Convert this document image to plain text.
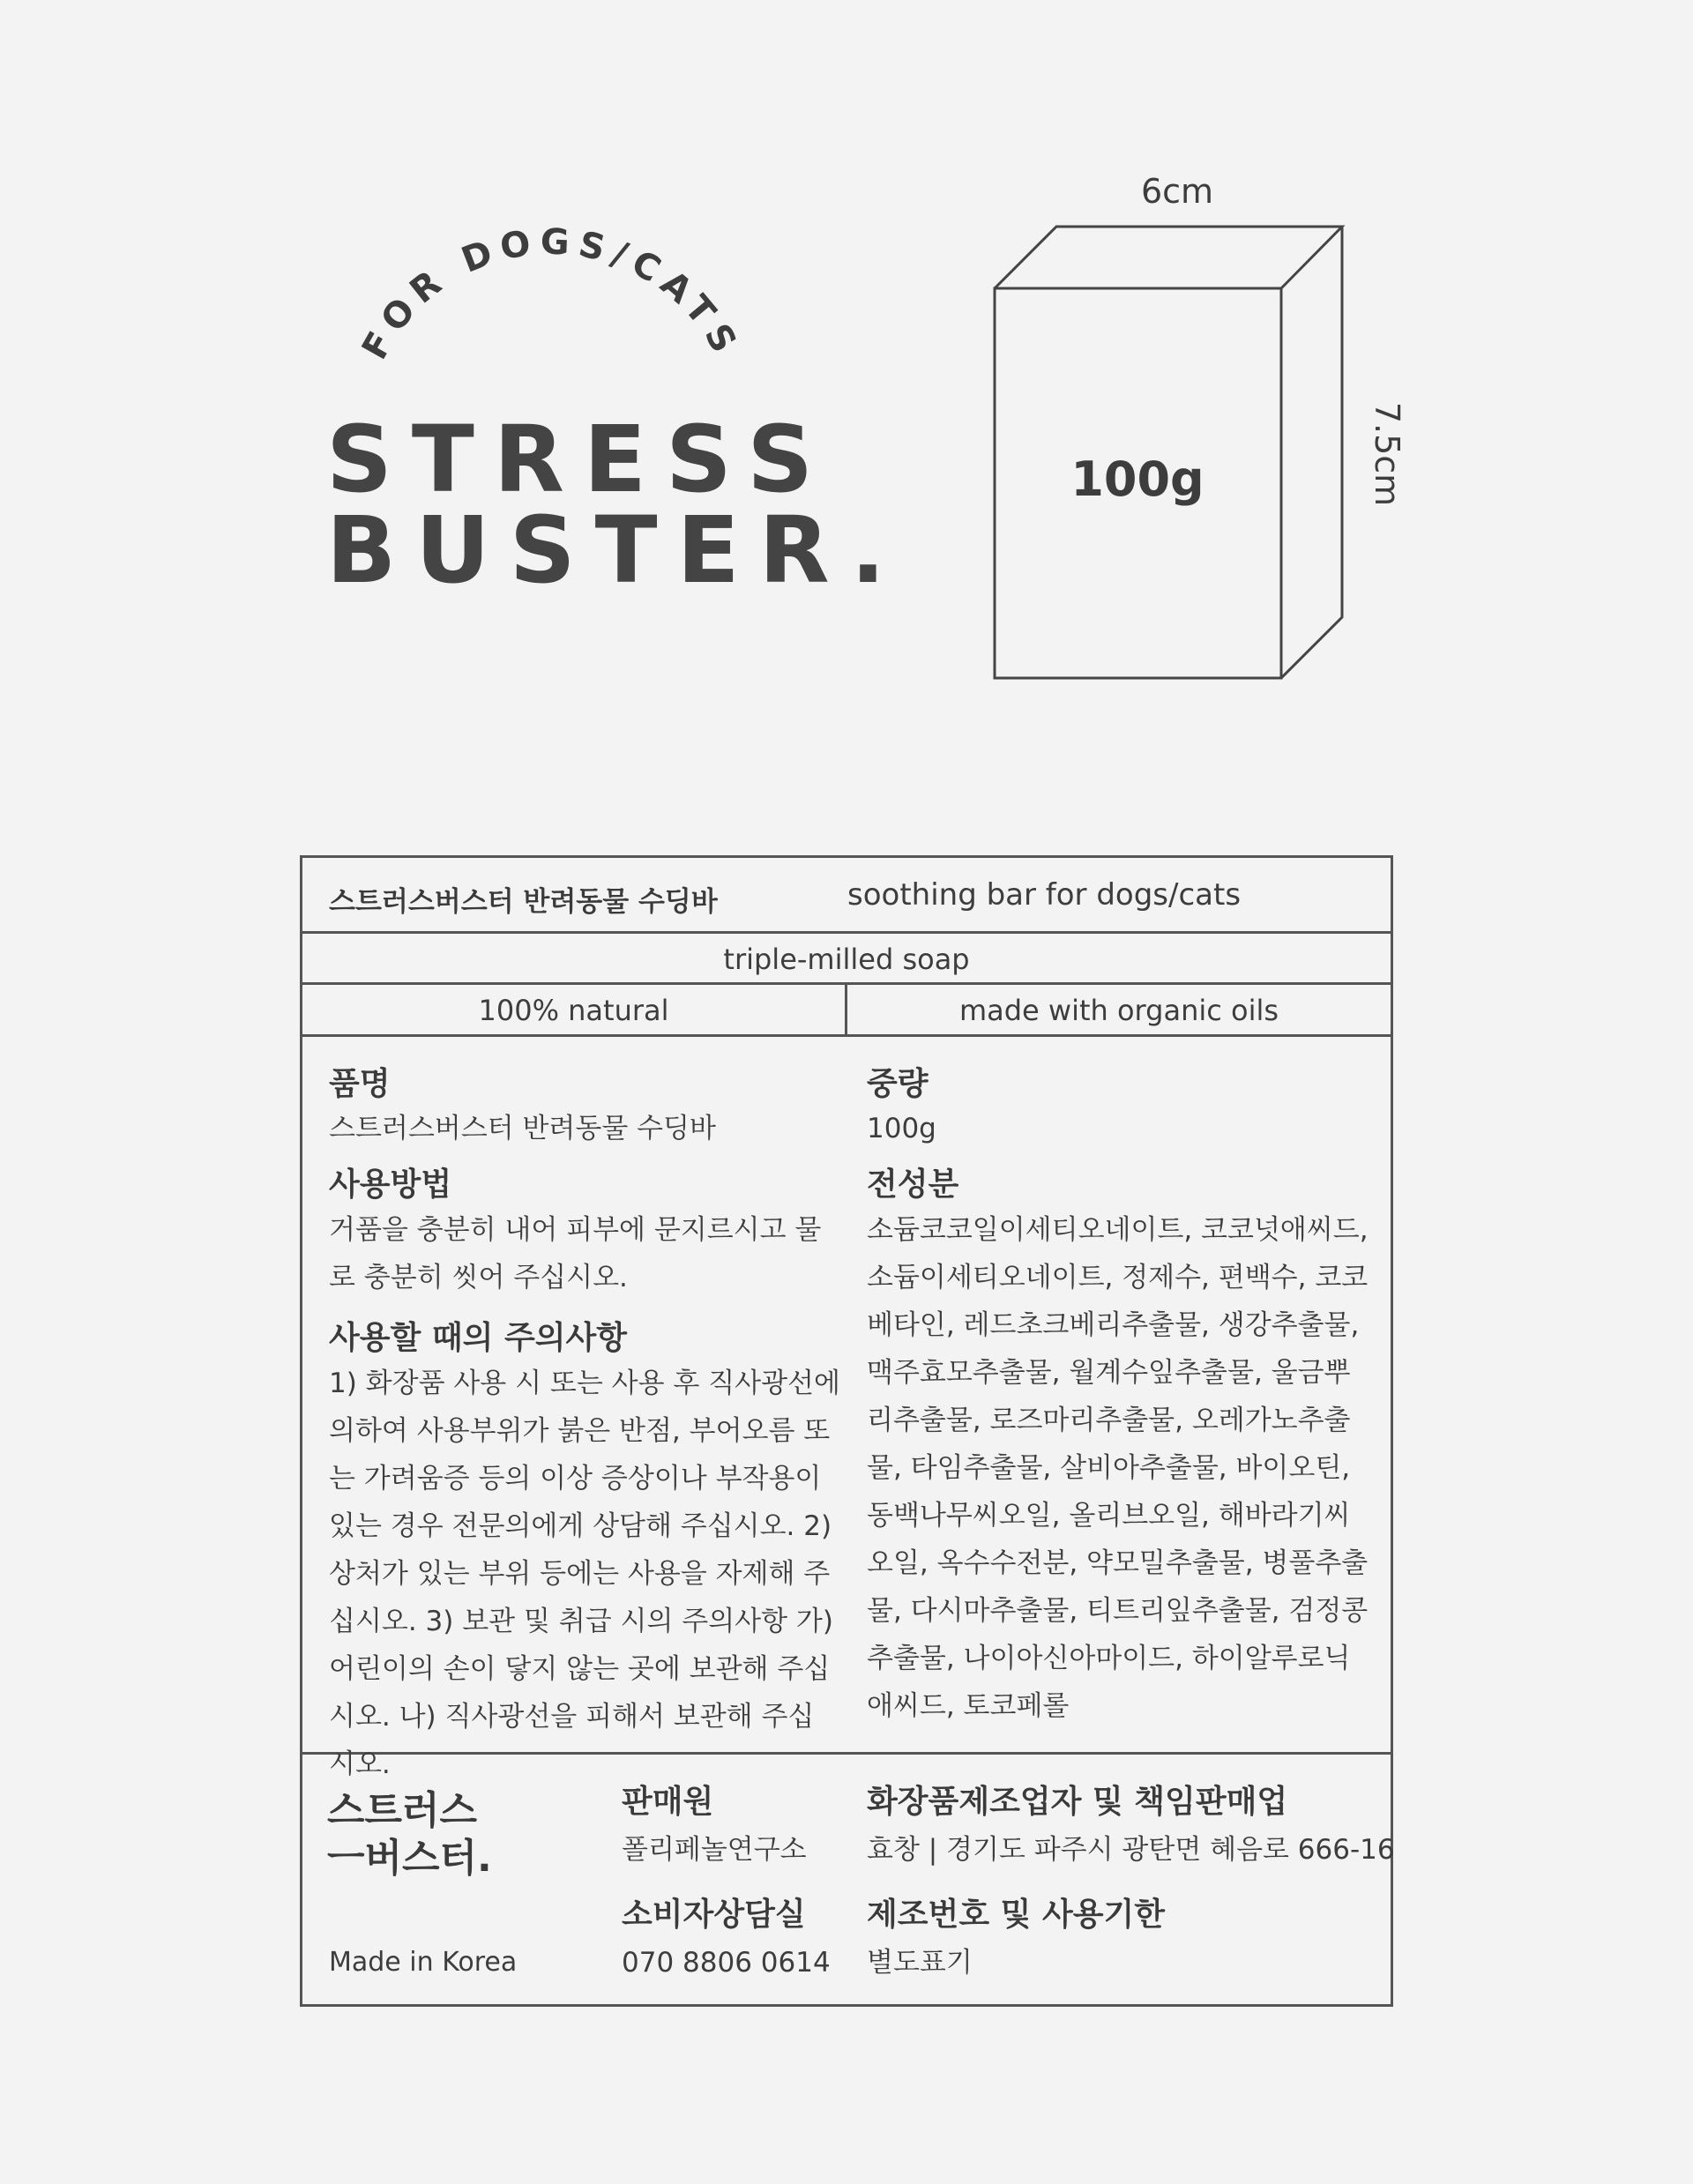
FOR DOGS/CATS
STRESS
BUSTER.
6cm
100g	7.5cm
스트러스버스터 반려동물 수딩바	soothing bar for dogs/cats
triple-milled soap
100% natural	made with organic oils

품명

스트러스버스터 반려동물 수딩바

사용방법

거품을 충분히 내어 피부에 문지르시고 물로 충분히 씻어 주십시오.

사용할 때의 주의사항

1) 화장품 사용 시 또는 사용 후 직사광선에 의하여 사용부위가 붉은 반점, 부어오름 또는 가려움증 등의 이상 증상이나 부작용이 있는 경우 전문의에게 상담해 주십시오. 2) 상처가 있는 부위 등에는 사용을 자제해 주십시오. 3) 보관 및 취급 시의 주의사항 가) 어린이의 손이 닿지 않는 곳에 보관해 주십시오. 나) 직사광선을 피해서 보관해 주십시오.

중량

100g

전성분

소듐코코일이세티오네이트, 코코넛애씨드, 소듐이세티오네이트, 정제수, 편백수, 코코베타인, 레드초크베리추출물, 생강추출물, 맥주효모추출물, 월계수잎추출물, 울금뿌리추출물, 로즈마리추출물, 오레가노추출물, 타임추출물, 살비아추출물, 바이오틴, 동백나무씨오일, 올리브오일, 해바라기씨오일, 옥수수전분, 약모밀추출물, 병풀추출물, 다시마추출물, 티트리잎추출물, 검정콩추출물, 나이아신아마이드, 하이알루로닉애씨드, 토코페롤

스트러스
ㅡ버스터.
Made in Korea

판매원

폴리페놀연구소

소비자상담실

070 8806 0614

화장품제조업자 및 책임판매업

효창 | 경기도 파주시 광탄면 혜음로 666-16

제조번호 및 사용기한

별도표기
